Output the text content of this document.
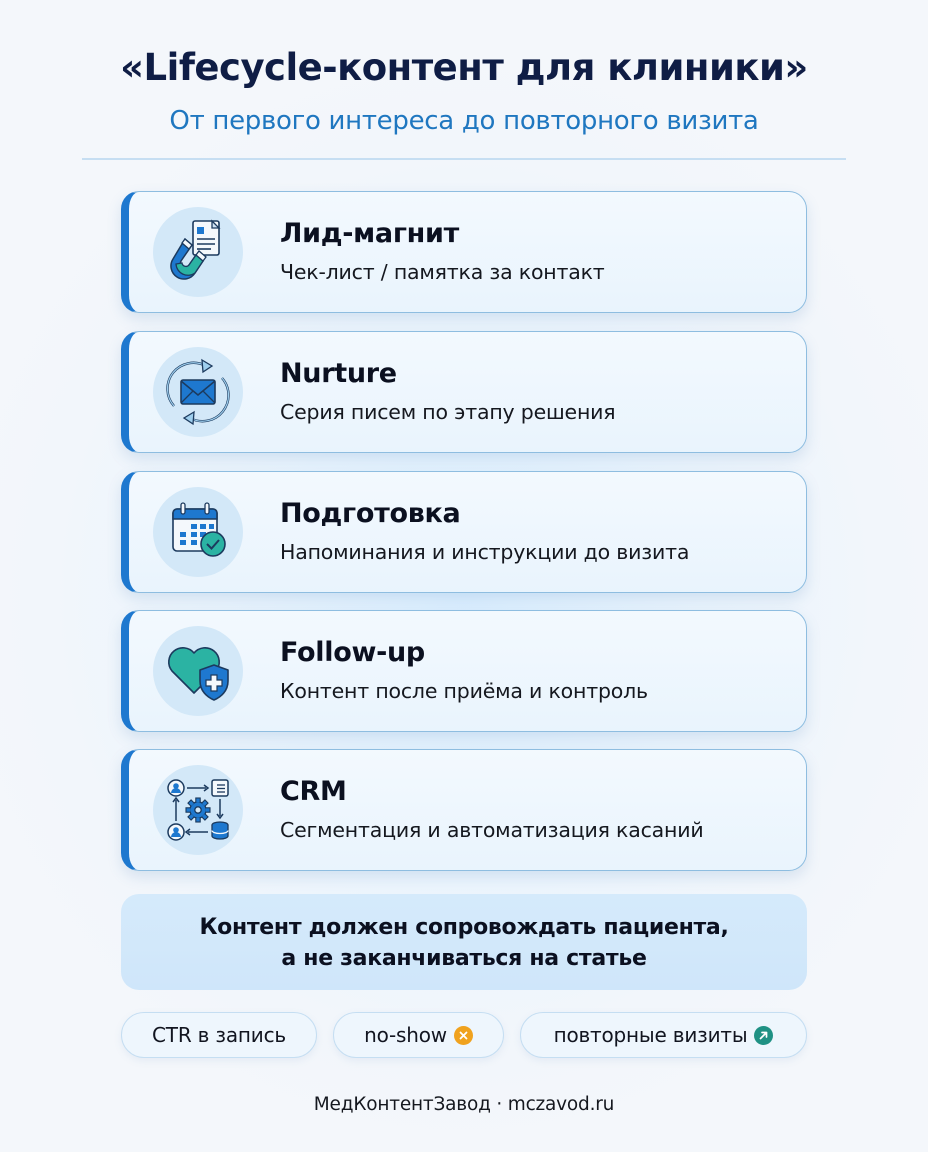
«Lifecycle-контент для клиники»
От первого интереса до повторного визита
Лид-магнит
Чек-лист / памятка за контакт
Nurture
Серия писем по этапу решения
Подготовка
Напоминания и инструкции до визита
Follow-up
Контент после приёма и контроль
CRM
Сегментация и автоматизация касаний
Контент должен сопровождать пациента,
а не заканчиваться на статье
CTR в запись	no-show	повторные визиты
МедКонтентЗавод · mczavod.ru
